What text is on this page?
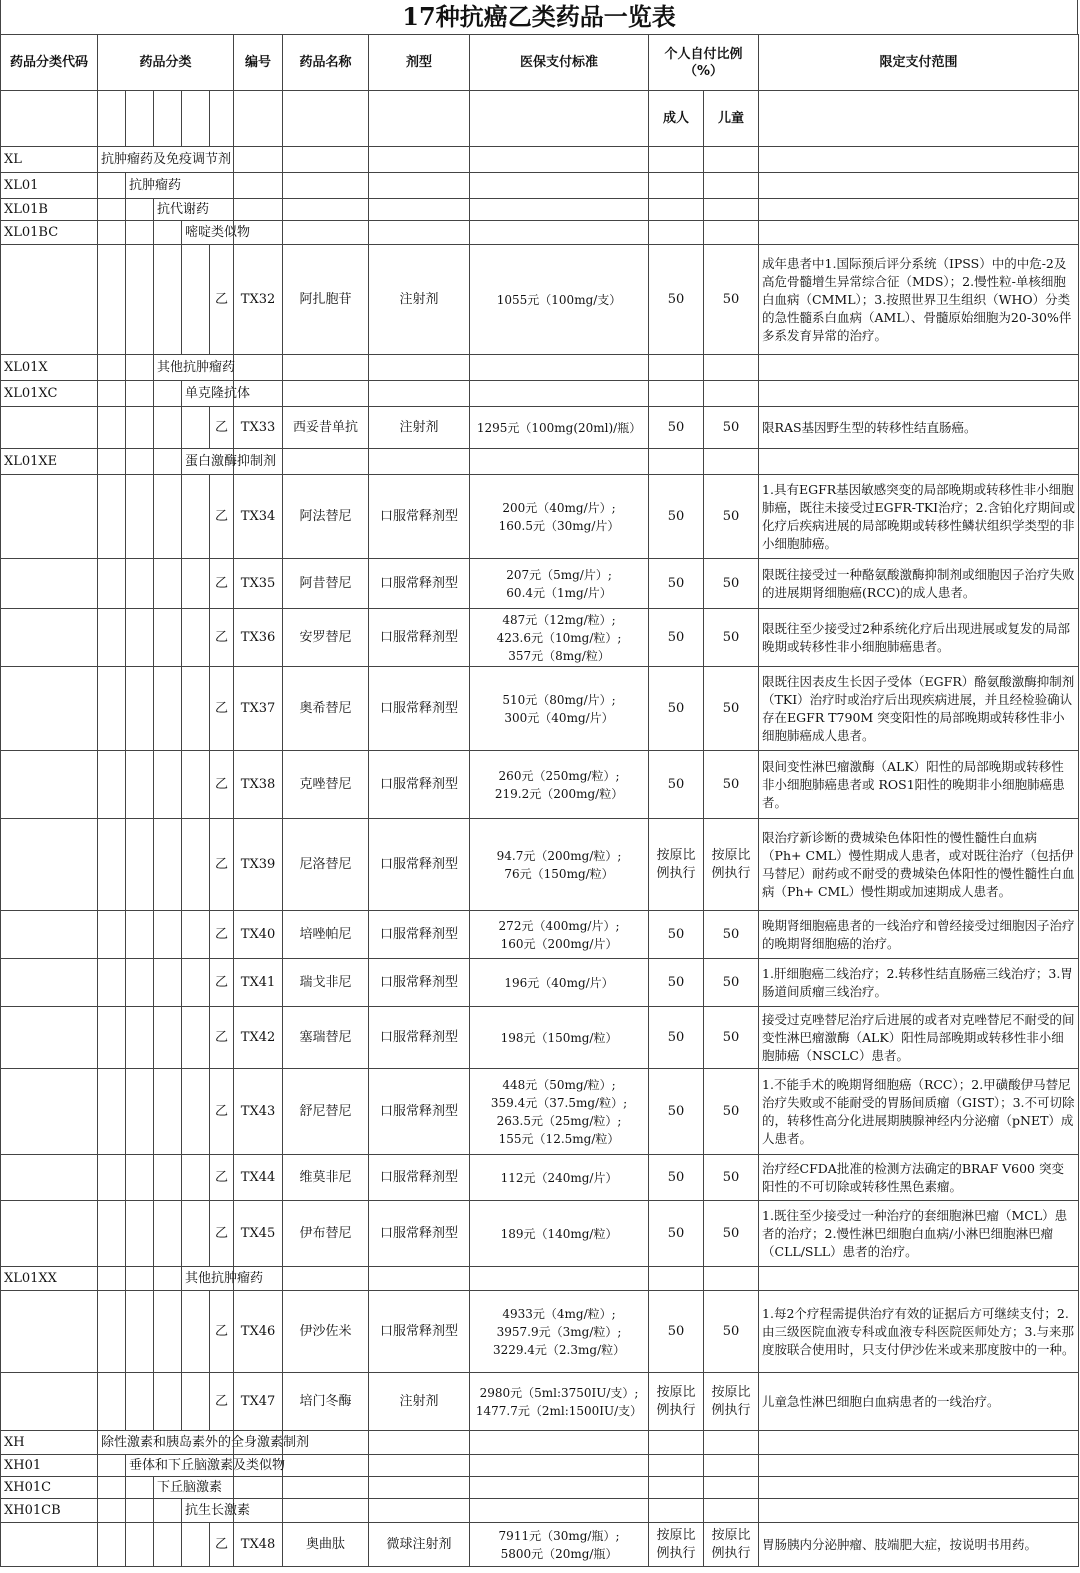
17种抗癌乙类药品一览表
药品分类代码	药品分类					编号	药品名称	剂型	医保支付标准	个人自付比例（%）		限定支付范围
										成人	儿童	
XL	抗肿瘤药及免疫调节剂											
XL01		抗肿瘤药										
XL01B			抗代谢药									
XL01BC				嘧啶类似物								
					乙	TX32	阿扎胞苷	注射剂	1055元（100mg/支）	50	50	成年患者中1.国际预后评分系统（IPSS）中的中危-2及高危骨髓增生异常综合征（MDS）；2.慢性粒-单核细胞白血病（CMML）；3.按照世界卫生组织（WHO）分类的急性髓系白血病（AML）、骨髓原始细胞为20-30%伴多系发育异常的治疗。
XL01X			其他抗肿瘤药									
XL01XC				单克隆抗体								
					乙	TX33	西妥昔单抗	注射剂	1295元（100mg(20ml)/瓶）	50	50	限RAS基因野生型的转移性结直肠癌。
XL01XE				蛋白激酶抑制剂								
					乙	TX34	阿法替尼	口服常释剂型	200元（40mg/片）;
160.5元（30mg/片）	50	50	1.具有EGFR基因敏感突变的局部晚期或转移性非小细胞肺癌，既往未接受过EGFR-TKI治疗；2.含铂化疗期间或化疗后疾病进展的局部晚期或转移性鳞状组织学类型的非小细胞肺癌。
					乙	TX35	阿昔替尼	口服常释剂型	207元（5mg/片）;
60.4元（1mg/片）	50	50	限既往接受过一种酪氨酸激酶抑制剂或细胞因子治疗失败的进展期肾细胞癌(RCC)的成人患者。
					乙	TX36	安罗替尼	口服常释剂型	487元（12mg/粒）;
423.6元（10mg/粒）;
357元（8mg/粒）	50	50	限既往至少接受过2种系统化疗后出现进展或复发的局部晚期或转移性非小细胞肺癌患者。
					乙	TX37	奥希替尼	口服常释剂型	510元（80mg/片）;
300元（40mg/片）	50	50	限既往因表皮生长因子受体（EGFR）酪氨酸激酶抑制剂（TKI）治疗时或治疗后出现疾病进展，并且经检验确认存在EGFR T790M 突变阳性的局部晚期或转移性非小细胞肺癌成人患者。
					乙	TX38	克唑替尼	口服常释剂型	260元（250mg/粒）;
219.2元（200mg/粒）	50	50	限间变性淋巴瘤激酶（ALK）阳性的局部晚期或转移性非小细胞肺癌患者或 ROS1阳性的晚期非小细胞肺癌患者。
					乙	TX39	尼洛替尼	口服常释剂型	94.7元（200mg/粒）;
76元（150mg/粒）	按原比例执行	按原比例执行	限治疗新诊断的费城染色体阳性的慢性髓性白血病（Ph+ CML）慢性期成人患者，或对既往治疗（包括伊马替尼）耐药或不耐受的费城染色体阳性的慢性髓性白血病（Ph+ CML）慢性期或加速期成人患者。
					乙	TX40	培唑帕尼	口服常释剂型	272元（400mg/片）;
160元（200mg/片）	50	50	晚期肾细胞癌患者的一线治疗和曾经接受过细胞因子治疗的晚期肾细胞癌的治疗。
					乙	TX41	瑞戈非尼	口服常释剂型	196元（40mg/片）	50	50	1.肝细胞癌二线治疗；2.转移性结直肠癌三线治疗；3.胃肠道间质瘤三线治疗。
					乙	TX42	塞瑞替尼	口服常释剂型	198元（150mg/粒）	50	50	接受过克唑替尼治疗后进展的或者对克唑替尼不耐受的间变性淋巴瘤激酶（ALK）阳性局部晚期或转移性非小细胞肺癌（NSCLC）患者。
					乙	TX43	舒尼替尼	口服常释剂型	448元（50mg/粒）;
359.4元（37.5mg/粒）;
263.5元（25mg/粒）;
155元（12.5mg/粒）	50	50	1.不能手术的晚期肾细胞癌（RCC）；2.甲磺酸伊马替尼治疗失败或不能耐受的胃肠间质瘤（GIST）；3.不可切除的，转移性高分化进展期胰腺神经内分泌瘤（pNET）成人患者。
					乙	TX44	维莫非尼	口服常释剂型	112元（240mg/片）	50	50	治疗经CFDA批准的检测方法确定的BRAF V600 突变阳性的不可切除或转移性黑色素瘤。
					乙	TX45	伊布替尼	口服常释剂型	189元（140mg/粒）	50	50	1.既往至少接受过一种治疗的套细胞淋巴瘤（MCL）患者的治疗；2.慢性淋巴细胞白血病/小淋巴细胞淋巴瘤（CLL/SLL）患者的治疗。
XL01XX				其他抗肿瘤药								
					乙	TX46	伊沙佐米	口服常释剂型	4933元（4mg/粒）;
3957.9元（3mg/粒）;
3229.4元（2.3mg/粒）	50	50	1.每2个疗程需提供治疗有效的证据后方可继续支付；2.由三级医院血液专科或血液专科医院医师处方；3.与来那度胺联合使用时，只支付伊沙佐米或来那度胺中的一种。
					乙	TX47	培门冬酶	注射剂	2980元（5ml:3750IU/支）;
1477.7元（2ml:1500IU/支）	按原比例执行	按原比例执行	儿童急性淋巴细胞白血病患者的一线治疗。
XH	除性激素和胰岛素外的全身激素制剂											
XH01		垂体和下丘脑激素及类似物										
XH01C			下丘脑激素									
XH01CB				抗生长激素								
					乙	TX48	奥曲肽	微球注射剂	7911元（30mg/瓶）;
5800元（20mg/瓶）	按原比例执行	按原比例执行	胃肠胰内分泌肿瘤、肢端肥大症，按说明书用药。
